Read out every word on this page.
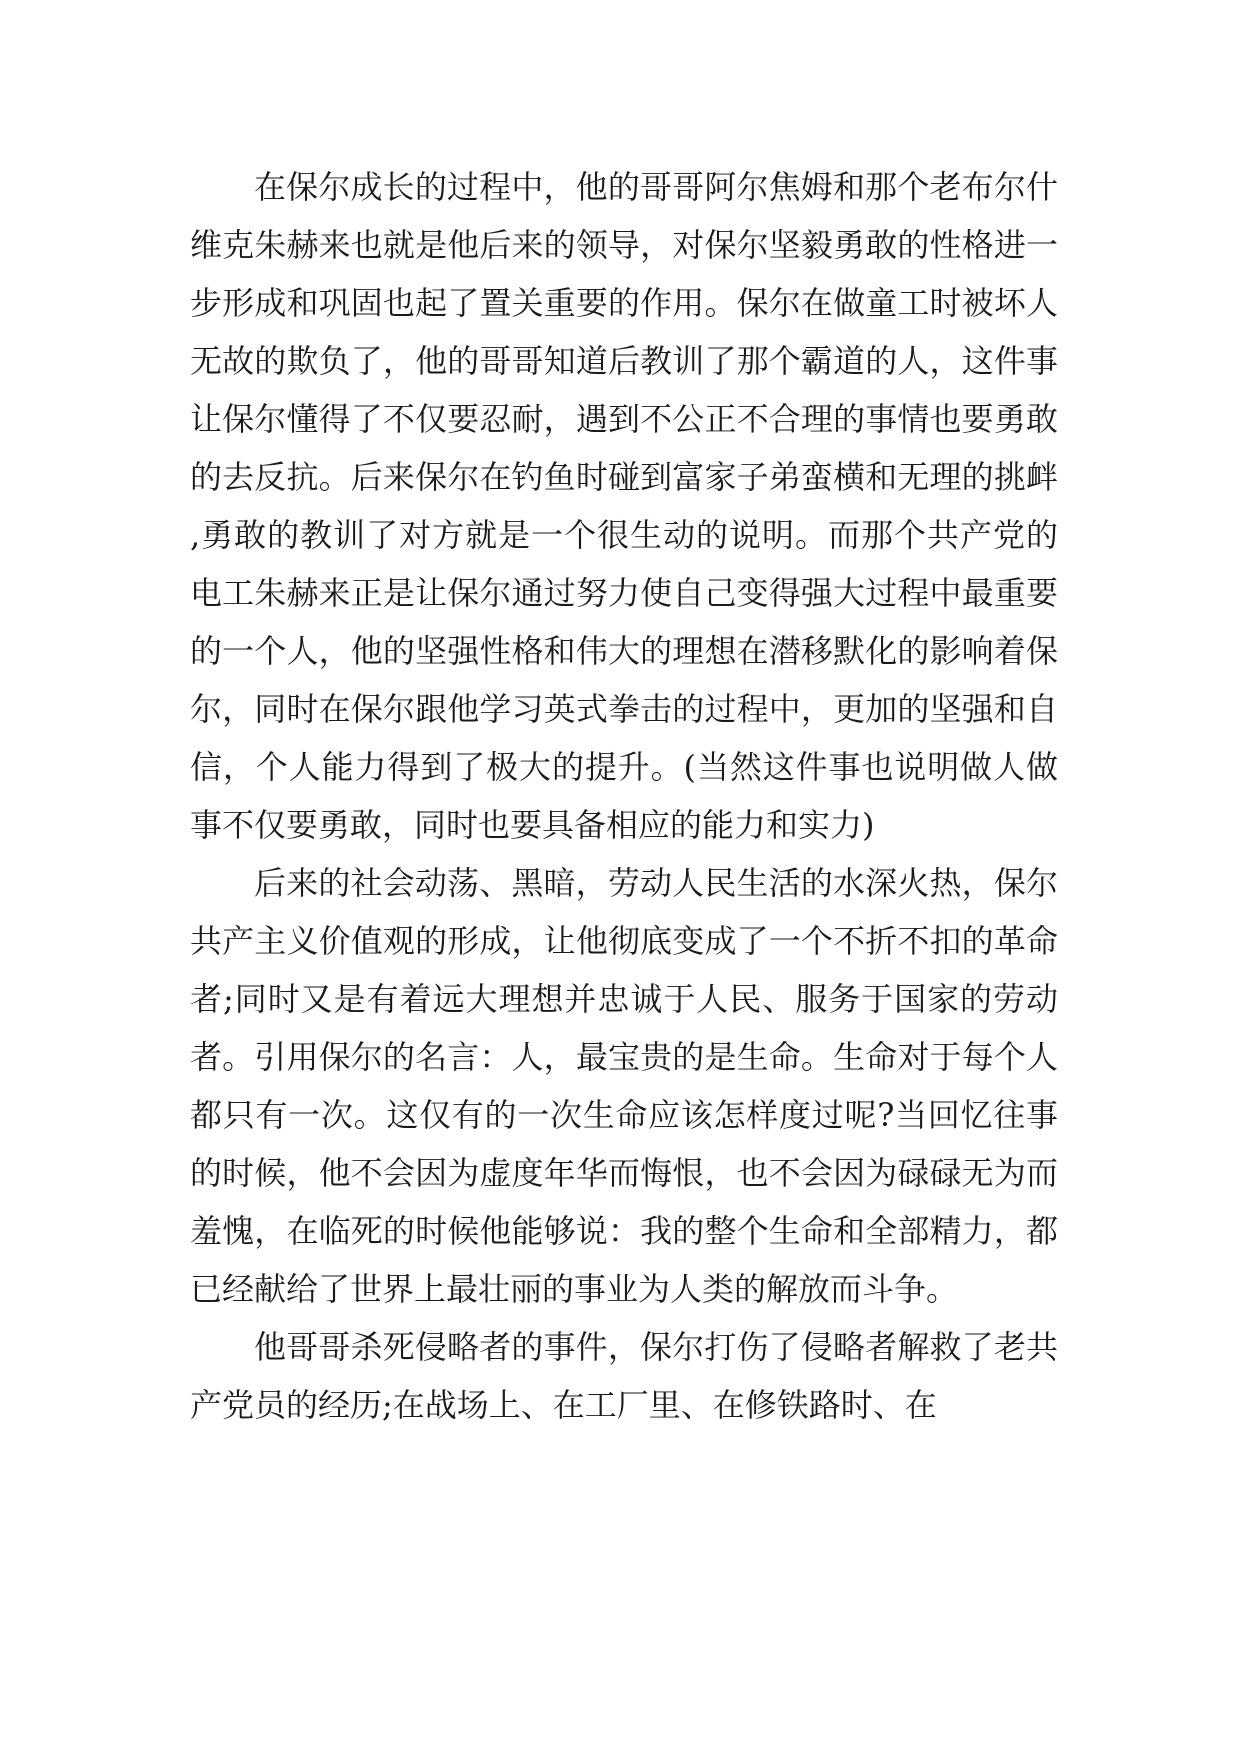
在保尔成长的过程中，他的哥哥阿尔焦姆和那个老布尔什维克朱赫来也就是他后来的领导，对保尔坚毅勇敢的性格进一步形成和巩固也起了置关重要的作用。保尔在做童工时被坏人无故的欺负了，他的哥哥知道后教训了那个霸道的人，这件事让保尔懂得了不仅要忍耐，遇到不公正不合理的事情也要勇敢的去反抗。后来保尔在钓鱼时碰到富家子弟蛮横和无理的挑衅,勇敢的教训了对方就是一个很生动的说明。而那个共产党的电工朱赫来正是让保尔通过努力使自己变得强大过程中最重要的一个人，他的坚强性格和伟大的理想在潜移默化的影响着保尔，同时在保尔跟他学习英式拳击的过程中，更加的坚强和自信，个人能力得到了极大的提升。(当然这件事也说明做人做事不仅要勇敢，同时也要具备相应的能力和实力)

后来的社会动荡、黑暗，劳动人民生活的水深火热，保尔共产主义价值观的形成，让他彻底变成了一个不折不扣的革命者;同时又是有着远大理想并忠诚于人民、服务于国家的劳动者。引用保尔的名言：人，最宝贵的是生命。生命对于每个人都只有一次。这仅有的一次生命应该怎样度过呢?当回忆往事的时候，他不会因为虚度年华而悔恨，也不会因为碌碌无为而羞愧，在临死的时候他能够说：我的整个生命和全部精力，都已经献给了世界上最壮丽的事业为人类的解放而斗争。

他哥哥杀死侵略者的事件，保尔打伤了侵略者解救了老共产党员的经历;在战场上、在工厂里、在修铁路时、在
